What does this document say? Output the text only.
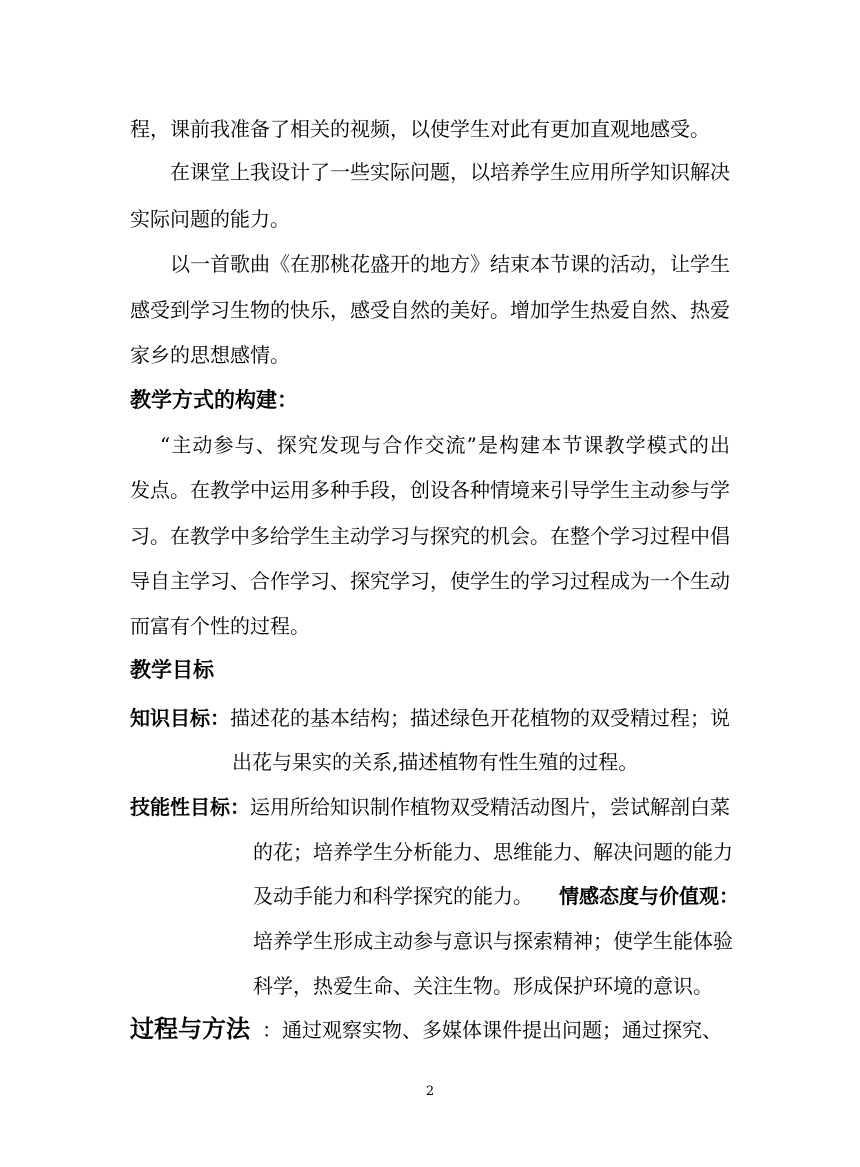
程，课前我准备了相关的视频，以使学生对此有更加直观地感受。
在课堂上我设计了一些实际问题，以培养学生应用所学知识解决
实际问题的能力。
以一首歌曲《在那桃花盛开的地方》结束本节课的活动，让学生
感受到学习生物的快乐，感受自然的美好。增加学生热爱自然、热爱
家乡的思想感情。
教学方式的构建：
“主动参与、探究发现与合作交流”是构建本节课教学模式的出
发点。在教学中运用多种手段，创设各种情境来引导学生主动参与学
习。在教学中多给学生主动学习与探究的机会。在整个学习过程中倡
导自主学习、合作学习、探究学习，使学生的学习过程成为一个生动
而富有个性的过程。
教学目标
知识目标：描述花的基本结构；描述绿色开花植物的双受精过程；说
出花与果实的关系,描述植物有性生殖的过程。
技能性目标：运用所给知识制作植物双受精活动图片，尝试解剖白菜
的花；培养学生分析能力、思维能力、解决问题的能力
及动手能力和科学探究的能力。 情感态度与价值观：
培养学生形成主动参与意识与探索精神；使学生能体验
科学，热爱生命、关注生物。形成保护环境的意识。
过程与方法 ：通过观察实物、多媒体课件提出问题；通过探究、
2
